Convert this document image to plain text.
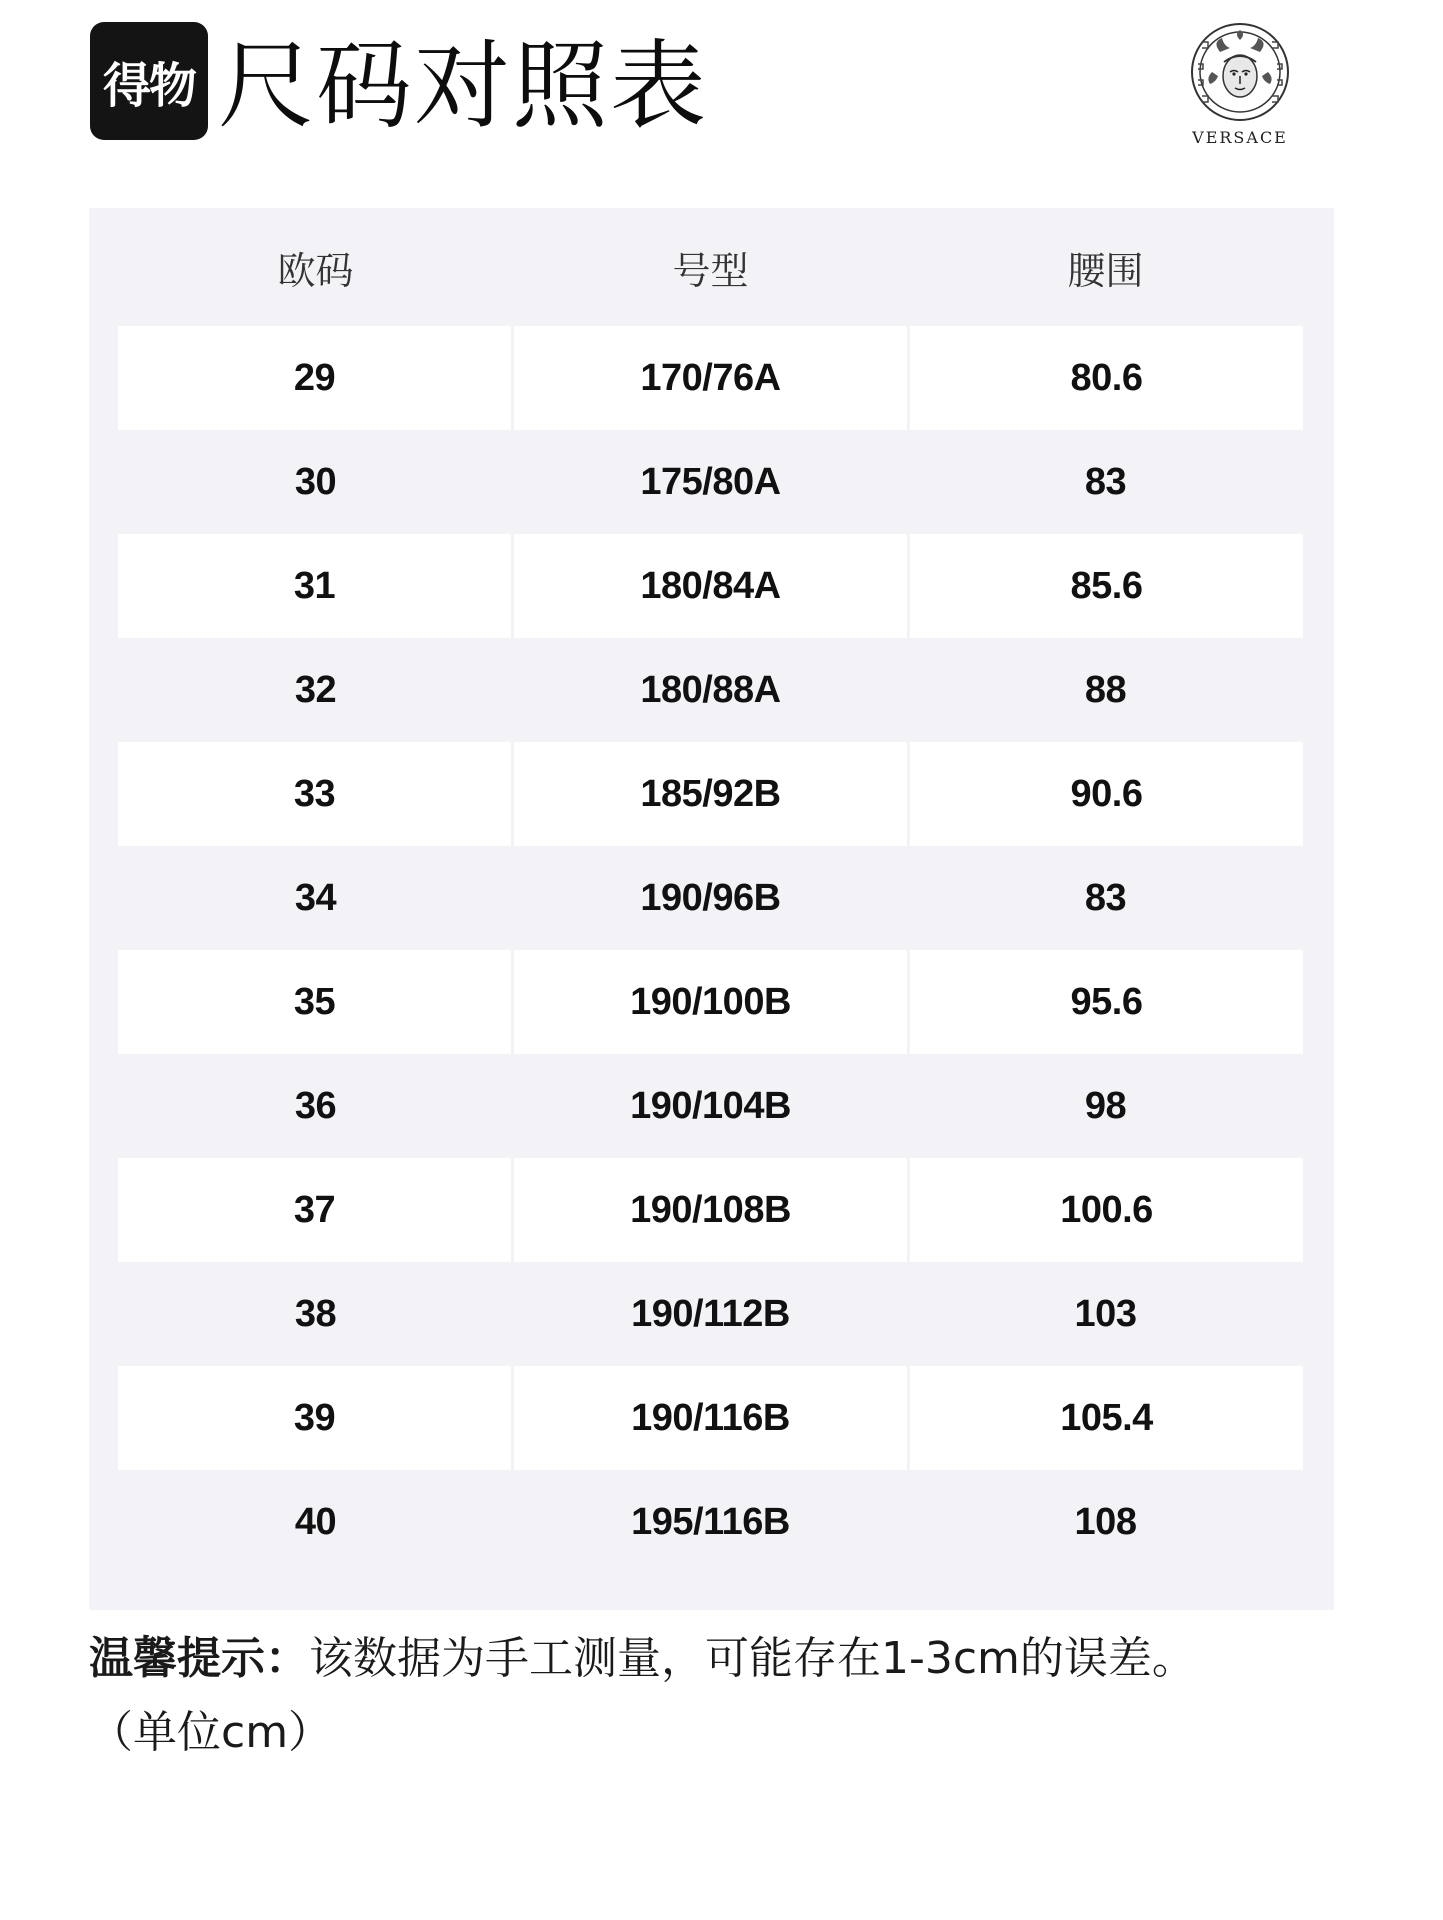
得物 尺码对照表	VERSACE
欧码	号型	腰围
29	170/76A	80.6
30	175/80A	83
31	180/84A	85.6
32	180/88A	88
33	185/92B	90.6
34	190/96B	83
35	190/100B	95.6
36	190/104B	98
37	190/108B	100.6
38	190/112B	103
39	190/116B	105.4
40	195/116B	108
温馨提示：该数据为手工测量，可能存在1-3cm的误差。
（单位cm）
